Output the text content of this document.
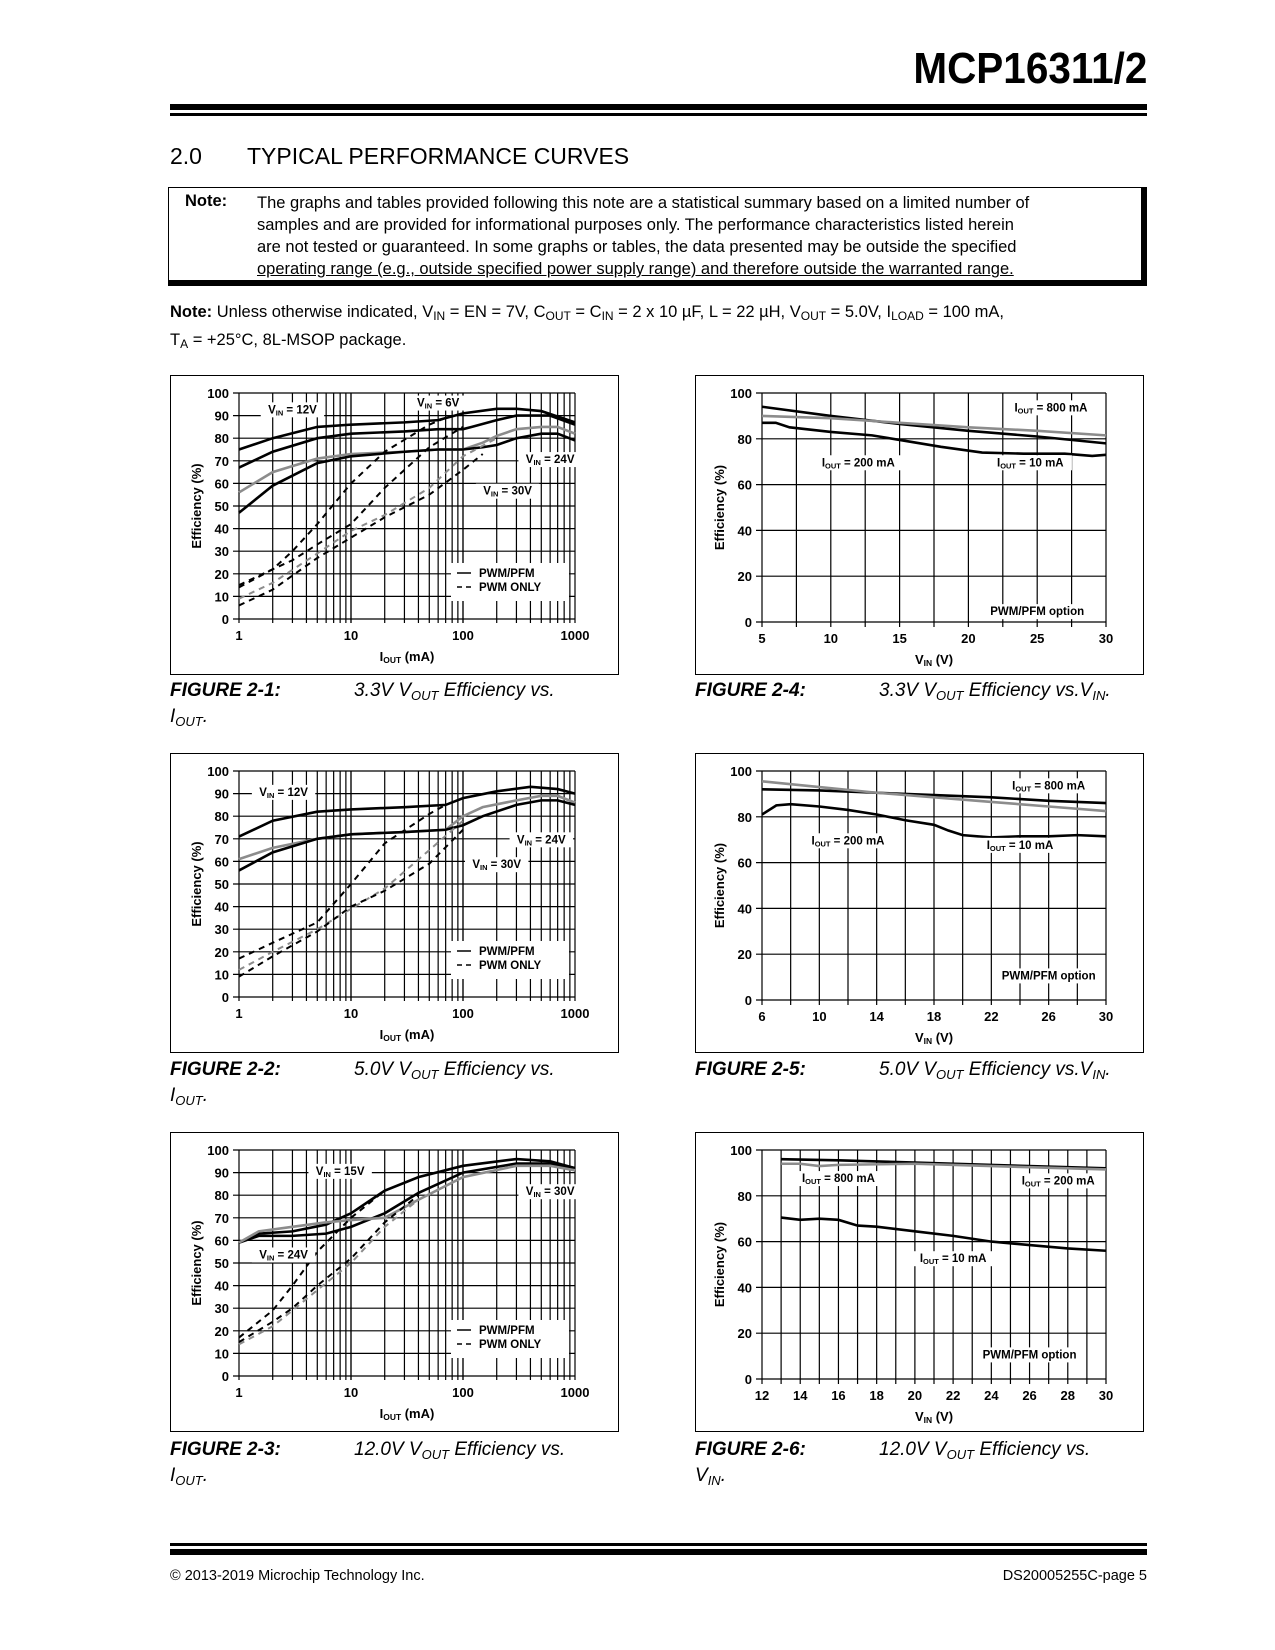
MCP16311/2
2.0 TYPICAL PERFORMANCE CURVES
Note: The graphs and tables provided following this note are a statistical summary based on a limited number of
samples and are provided for informational purposes only. The performance characteristics listed herein
are not tested or guaranteed. In some graphs or tables, the data presented may be outside the specified
operating range (e.g., outside specified power supply range) and therefore outside the warranted range.
Note: Unless otherwise indicated, $V_{IN}$ = EN = 7V, $C_{OUT} = C_{IN} = 2$ x 10 µF, L = 22 µH, $V_{OUT} = 5.0V$, $I_{LOAD} = 100$ mA,
$T_A = +25^\circ C$, 8L-MSOP package.
0
10
20
30
40
50
60
70
80
90
100
1	10	100	1000
Efficiency (%)
IOUT (mA)
VIN = 12V
VIN = 6V
VIN = 24V
VIN = 30V
PWM/PFM
PWM ONLY
0
10
20
30
40
50
60
70
80
90
100
1	10	100	1000
Efficiency (%)
IOUT (mA)
VIN = 12V
VIN = 24V
VIN = 30V
PWM/PFM
PWM ONLY
0
10
20
30
40
50
60
70
80
90
100
1	10	100	1000
Efficiency (%)
IOUT (mA)
VIN = 15V
VIN = 30V
VIN = 24V
PWM/PFM
PWM ONLY
0
20
40
60
80
100
5	10	15	20	25	30
Efficiency (%)
VIN (V)
IOUT = 800 mA
IOUT = 200 mA	IOUT = 10 mA
PWM/PFM option
0
20
40
60
80
100
6	10	14	18	22	26	30
Efficiency (%)
VIN (V)
IOUT = 800 mA
IOUT = 200 mA	IOUT = 10 mA
PWM/PFM option
0
20
40
60
80
100
12 14 16 18 20 22 24 26 28 30
Efficiency (%)
VIN (V)
IOUT = 800 mA	IOUT = 200 mA
IOUT = 10 mA
PWM/PFM option
FIGURE 2-1:	3.3V $V_{OUT}$ Efficiency vs.
$I_{OUT}$.
FIGURE 2-2:	5.0V $V_{OUT}$ Efficiency vs.
$I_{OUT}$.
FIGURE 2-3:	12.0V $V_{OUT}$ Efficiency vs.
$I_{OUT}$.
FIGURE 2-4:	3.3V $V_{OUT}$ Efficiency $vs.V_{IN}$.
FIGURE 2-5:	5.0V $V_{OUT}$ Efficiency $vs.V_{IN}$.
FIGURE 2-6:	12.0V $V_{OUT}$ Efficiency vs.
$V_{IN}$.
© 2013-2019 Microchip Technology Inc.	DS20005255C-page 5
